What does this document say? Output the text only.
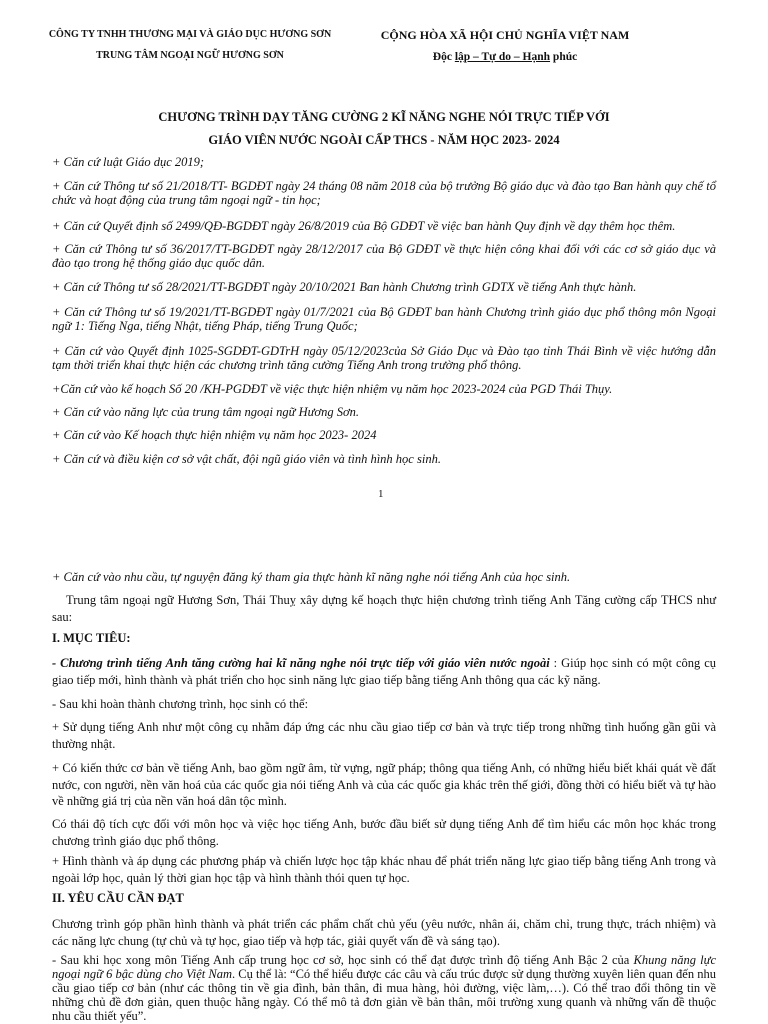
CÔNG TY TNHH THƯƠNG MẠI VÀ GIÁO DỤC HƯƠNG SƠN
TRUNG TÂM NGOẠI NGỮ HƯƠNG SƠN
CỘNG HÒA XÃ HỘI CHỦ NGHĨA VIỆT NAM
Độc lập – Tự do – Hạnh phúc
CHƯƠNG TRÌNH DẠY TĂNG CƯỜNG 2 KĨ NĂNG NGHE NÓI TRỰC TIẾP VỚI
GIÁO VIÊN NƯỚC NGOÀI CẤP THCS - NĂM HỌC 2023- 2024
+ Căn cứ luật Giáo dục 2019;
+ Căn cứ Thông tư số 21/2018/TT- BGDĐT ngày 24 tháng 08 năm 2018 của bộ trưởng Bộ giáo dục và đào tạo Ban hành quy chế tổ chức và hoạt động của trung tâm ngoại ngữ - tin học;
+ Căn cứ Quyết định số 2499/QĐ-BGDĐT ngày 26/8/2019 của Bộ GDĐT về việc ban hành Quy định về dạy thêm học thêm.
+ Căn cứ Thông tư số 36/2017/TT-BGDĐT ngày 28/12/2017 của Bộ GDĐT về thực hiện công khai đối với các cơ sở giáo dục và đào tạo trong hệ thống giáo dục quốc dân.
+ Căn cứ Thông tư số 28/2021/TT-BGDĐT ngày 20/10/2021 Ban hành Chương trình GDTX về tiếng Anh thực hành.
+ Căn cứ Thông tư số 19/2021/TT-BGDĐT ngày 01/7/2021 của Bộ GDĐT ban hành Chương trình giáo dục phổ thông môn Ngoại ngữ 1: Tiếng Nga, tiếng Nhật, tiếng Pháp, tiếng Trung Quốc;
+ Căn cứ vào Quyết định 1025-SGDĐT-GDTrH ngày 05/12/2023của Sở Giáo Dục và Đào tạo tỉnh Thái Bình về việc hướng dẫn tạm thời triển khai thực hiện các chương trình tăng cường Tiếng Anh trong trường phổ thông.
+Căn cứ vào kế hoạch Số 20 /KH-PGDĐT về việc thực hiện nhiệm vụ năm học 2023-2024 của PGD Thái Thụy.
+ Căn cứ vào năng lực của trung tâm ngoại ngữ Hương Sơn.
+ Căn cứ vào Kế hoạch thực hiện nhiệm vụ năm học 2023- 2024
+ Căn cứ và điều kiện cơ sở vật chất, đội ngũ giáo viên và tình hình học sinh.
1
+ Căn cứ vào nhu cầu, tự nguyện đăng ký tham gia thực hành kĩ năng nghe nói tiếng Anh của học sinh.
Trung tâm ngoại ngữ Hương Sơn, Thái Thuỵ xây dựng kế hoạch thực hiện chương trình tiếng Anh Tăng cường cấp THCS như sau:
I. MỤC TIÊU:
- Chương trình tiếng Anh tăng cường hai kĩ năng nghe nói trực tiếp với giáo viên nước ngoài : Giúp học sinh có một công cụ giao tiếp mới, hình thành và phát triển cho học sinh năng lực giao tiếp bằng tiếng Anh thông qua các kỹ năng.
- Sau khi hoàn thành chương trình, học sinh có thể:
+ Sử dụng tiếng Anh như một công cụ nhằm đáp ứng các nhu cầu giao tiếp cơ bản và trực tiếp trong những tình huống gần gũi và thường nhật.
+ Có kiến thức cơ bản về tiếng Anh, bao gồm ngữ âm, từ vựng, ngữ pháp; thông qua tiếng Anh, có những hiểu biết khái quát về đất nước, con người, nền văn hoá của các quốc gia nói tiếng Anh và của các quốc gia khác trên thế giới, đồng thời có hiểu biết và tự hào về những giá trị của nền văn hoá dân tộc mình.
Có thái độ tích cực đối với môn học và việc học tiếng Anh, bước đầu biết sử dụng tiếng Anh để tìm hiểu các môn học khác trong chương trình giáo dục phổ thông.
+ Hình thành và áp dụng các phương pháp và chiến lược học tập khác nhau để phát triển năng lực giao tiếp bằng tiếng Anh trong và ngoài lớp học, quản lý thời gian học tập và hình thành thói quen tự học.
II. YÊU CẦU CẦN ĐẠT
Chương trình góp phần hình thành và phát triển các phẩm chất chủ yếu (yêu nước, nhân ái, chăm chỉ, trung thực, trách nhiệm) và các năng lực chung (tự chủ và tự học, giao tiếp và hợp tác, giải quyết vấn đề và sáng tạo).
- Sau khi học xong môn Tiếng Anh cấp trung học cơ sở, học sinh có thể đạt được trình độ tiếng Anh Bậc 2 của Khung năng lực ngoại ngữ 6 bậc dùng cho Việt Nam. Cụ thể là: “Có thể hiểu được các câu và cấu trúc được sử dụng thường xuyên liên quan đến nhu cầu giao tiếp cơ bản (như các thông tin về gia đình, bản thân, đi mua hàng, hỏi đường, việc làm,…). Có thể trao đổi thông tin về những chủ đề đơn giản, quen thuộc hằng ngày. Có thể mô tả đơn giản về bản thân, môi trường xung quanh và những vấn đề thuộc nhu cầu thiết yếu”.
